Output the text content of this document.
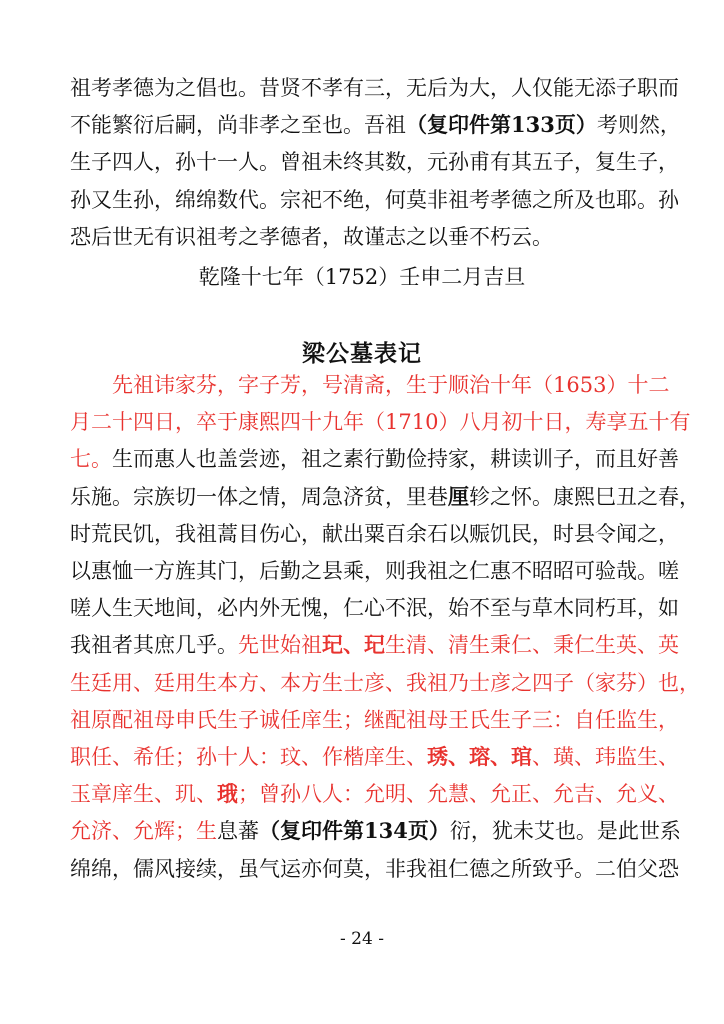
祖考孝德为之倡也。昔贤不孝有三，无后为大，人仅能无添子职而
不能繁衍后嗣，尚非孝之至也。吾祖（复印件第133页）考则然，
生子四人，孙十一人。曾祖未终其数，元孙甫有其五子，复生子，
孙又生孙，绵绵数代。宗祀不绝，何莫非祖考孝德之所及也耶。孙
恐后世无有识祖考之孝德者，故谨志之以垂不朽云。
乾隆十七年（1752）壬申二月吉旦
梁公墓表记
　　先祖讳家芬，字子芳，号清斋，生于顺治十年（1653）十二
月二十四日，卒于康熙四十九年（1710）八月初十日，寿享五十有
七。生而惠人也盖尝迹，祖之素行勤俭持家，耕读训子，而且好善
乐施。宗族切一体之情，周急济贫，里巷厘轸之怀。康熙巳丑之春，
时荒民饥，我祖蒿目伤心，献出粟百余石以赈饥民，时县令闻之，
以惠恤一方旌其门，后勤之县乘，则我祖之仁惠不昭昭可验哉。嗟
嗟人生天地间，必内外无愧，仁心不泯，始不至与草木同朽耳，如
我祖者其庶几乎。先世始祖玘、玘生清、清生秉仁、秉仁生英、英
生廷用、廷用生本方、本方生士彦、我祖乃士彦之四子（家芬）也，
祖原配祖母申氏生子诚任庠生；继配祖母王氏生子三：自任监生，
职任、希任；孙十人：玟、作楷庠生、琇、瑢、琯、璜、玮监生、
玉章庠生、玑、珴；曾孙八人：允明、允慧、允正、允吉、允义、
允济、允辉；生息蕃（复印件第134页）衍，犹未艾也。是此世系
绵绵，儒风接续，虽气运亦何莫，非我祖仁德之所致乎。二伯父恐
- 24 -
